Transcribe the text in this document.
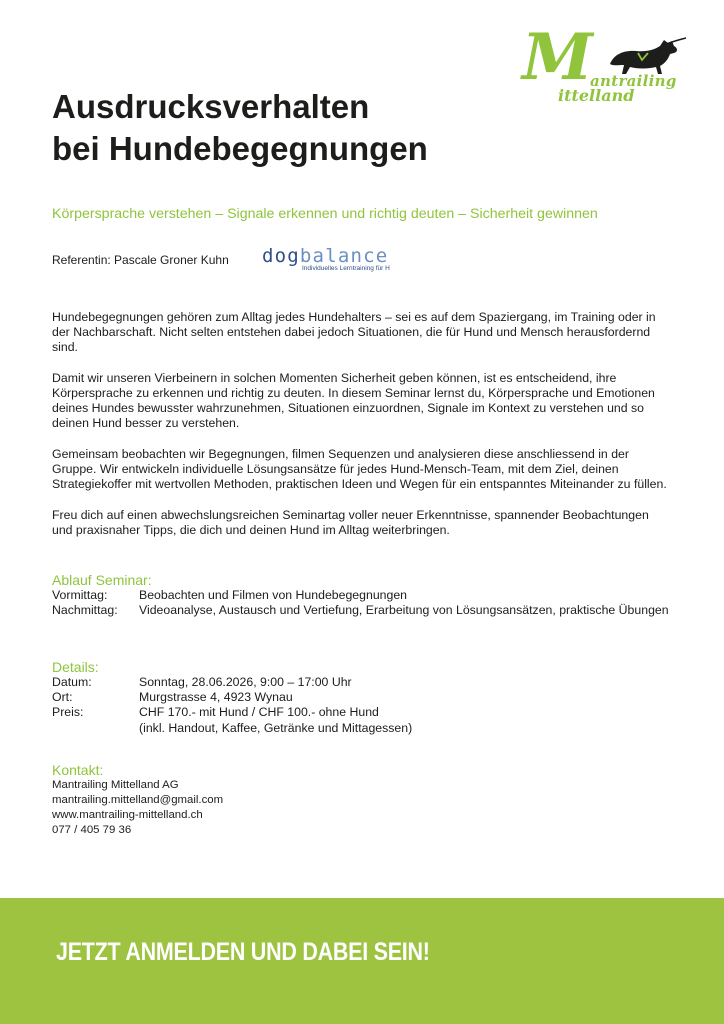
M
antrailing
ittelland
Ausdrucksverhalten
bei Hundebegegnungen
Körpersprache verstehen – Signale erkennen und richtig deuten – Sicherheit gewinnen
Referentin: Pascale Groner Kuhn dogbalance
Individuelles Lerntraining für H

Hundebegegnungen gehören zum Alltag jedes Hundehalters – sei es auf dem Spaziergang, im Training oder in der Nachbarschaft. Nicht selten entstehen dabei jedoch Situationen, die für Hund und Mensch herausfordernd sind.

Damit wir unseren Vierbeinern in solchen Momenten Sicherheit geben können, ist es entscheidend, ihre Körpersprache zu erkennen und richtig zu deuten. In diesem Seminar lernst du, Körpersprache und Emotionen deines Hundes bewusster wahrzunehmen, Situationen einzuordnen, Signale im Kontext zu verstehen und so deinen Hund besser zu verstehen.

Gemeinsam beobachten wir Begegnungen, filmen Sequenzen und analysieren diese anschliessend in der Gruppe. Wir entwickeln individuelle Lösungsansätze für jedes Hund-Mensch-Team, mit dem Ziel, deinen Strategiekoffer mit wertvollen Methoden, praktischen Ideen und Wegen für ein entspanntes Miteinander zu füllen.

Freu dich auf einen abwechslungsreichen Seminartag voller neuer Erkenntnisse, spannender Beobachtungen und praxisnaher Tipps, die dich und deinen Hund im Alltag weiterbringen.

Ablauf Seminar:
Vormittag:	Beobachten und Filmen von Hundebegegnungen
Nachmittag:	Videoanalyse, Austausch und Vertiefung, Erarbeitung von Lösungsansätzen, praktische Übungen
Details:
Datum:	Sonntag, 28.06.2026, 9:00 – 17:00 Uhr
Ort:	Murgstrasse 4, 4923 Wynau
Preis:	CHF 170.- mit Hund / CHF 100.- ohne Hund
(inkl. Handout, Kaffee, Getränke und Mittagessen)
Kontakt:
Mantrailing Mittelland AG
mantrailing.mittelland@gmail.com
www.mantrailing-mittelland.ch
077 / 405 79 36
JETZT ANMELDEN UND DABEI SEIN!
